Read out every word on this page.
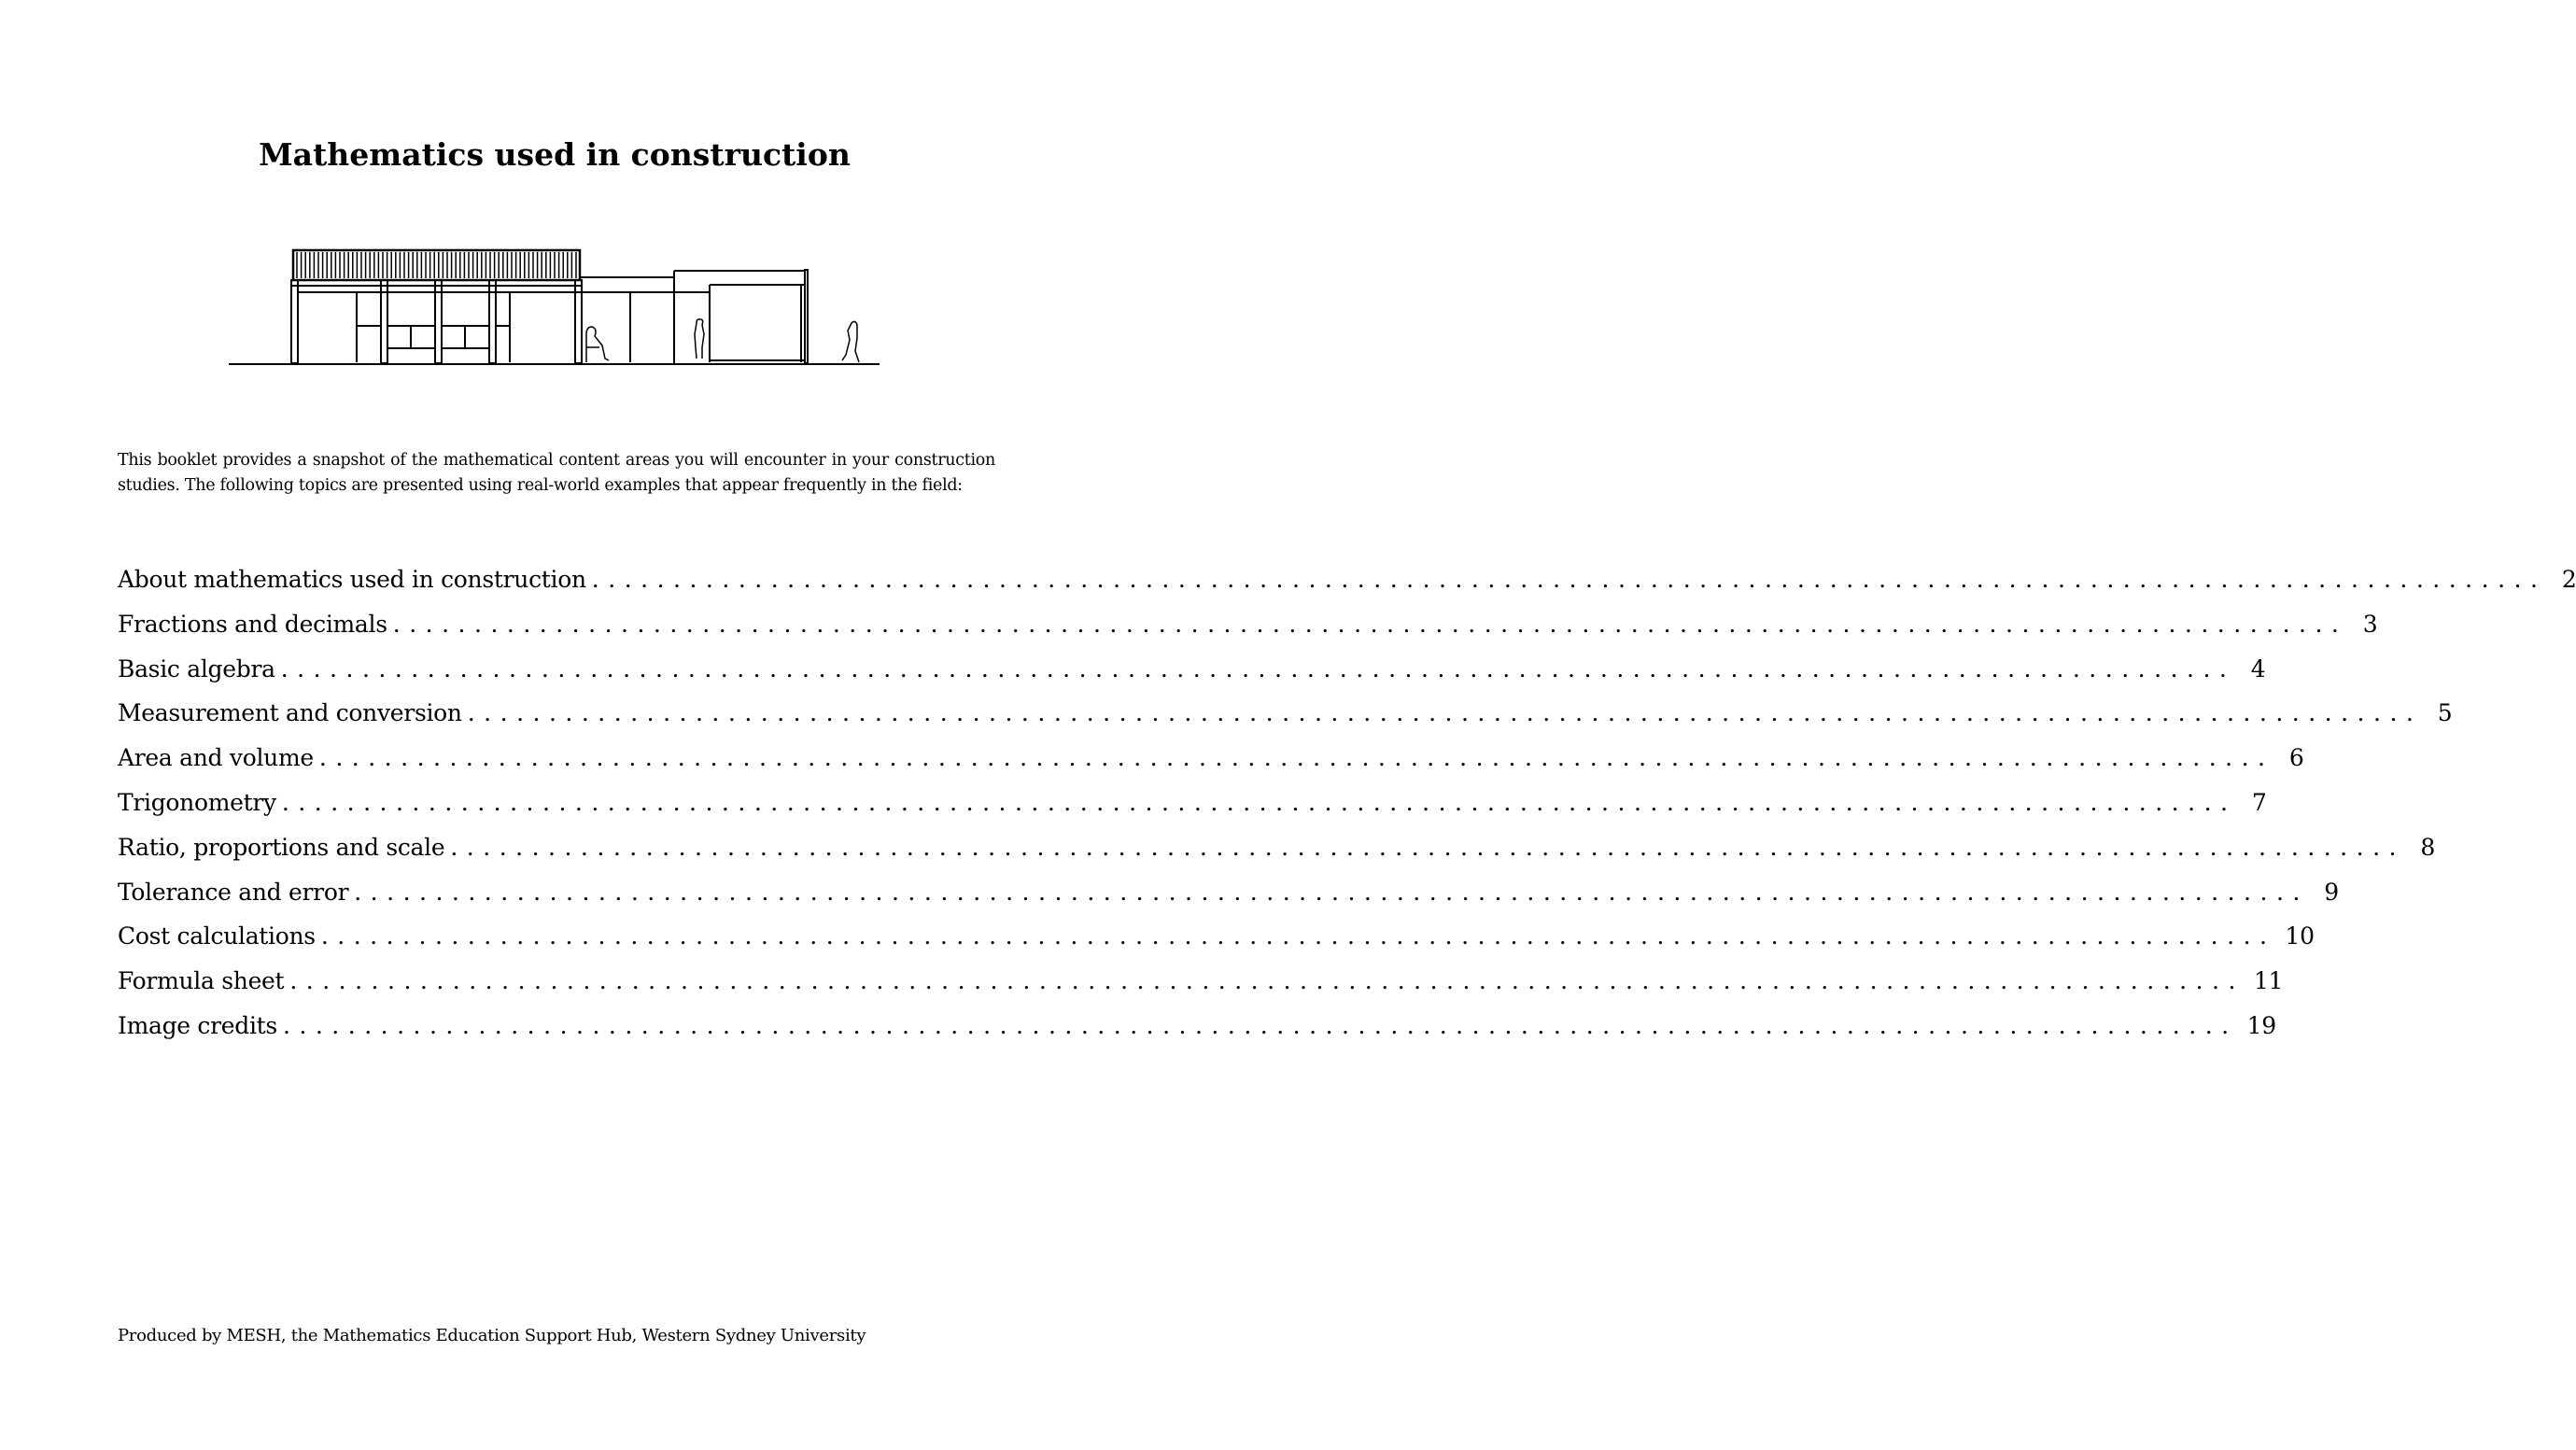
Mathematics used in construction
This booklet provides a snapshot of the mathematical content areas you will encounter in your construction studies. The following topics are presented using real-world examples that appear frequently in the field:
About mathematics used in construction ........................................................................................................................ 2
Fractions and decimals ........................................................................................................................ 3
Basic algebra ........................................................................................................................ 4
Measurement and conversion ........................................................................................................................ 5
Area and volume ........................................................................................................................ 6
Trigonometry ........................................................................................................................ 7
Ratio, proportions and scale ........................................................................................................................ 8
Tolerance and error ........................................................................................................................ 9
Cost calculations ........................................................................................................................ 10
Formula sheet ........................................................................................................................ 11
Image credits ........................................................................................................................ 19
Produced by MESH, the Mathematics Education Support Hub, Western Sydney University
